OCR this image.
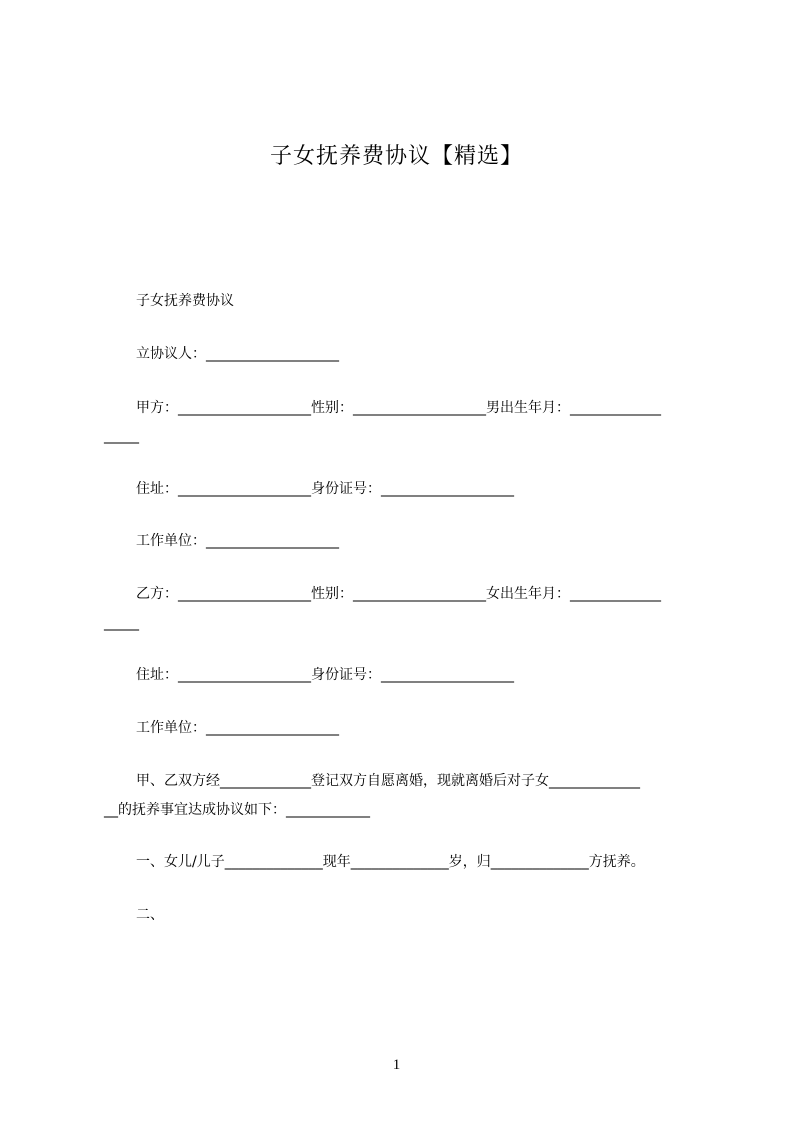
子女抚养费协议【精选】
子女抚养费协议
立协议人：___________________
甲方：___________________性别：___________________男出生年月：_____________
_____
住址：___________________身份证号：___________________
工作单位：___________________
乙方：___________________性别：___________________女出生年月：_____________
_____
住址：___________________身份证号：___________________
工作单位：___________________
甲、乙双方经_____________登记双方自愿离婚，现就离婚后对子女_____________
__的抚养事宜达成协议如下：____________
一、女儿/儿子______________现年______________岁，归______________方抚养。
二、
1
